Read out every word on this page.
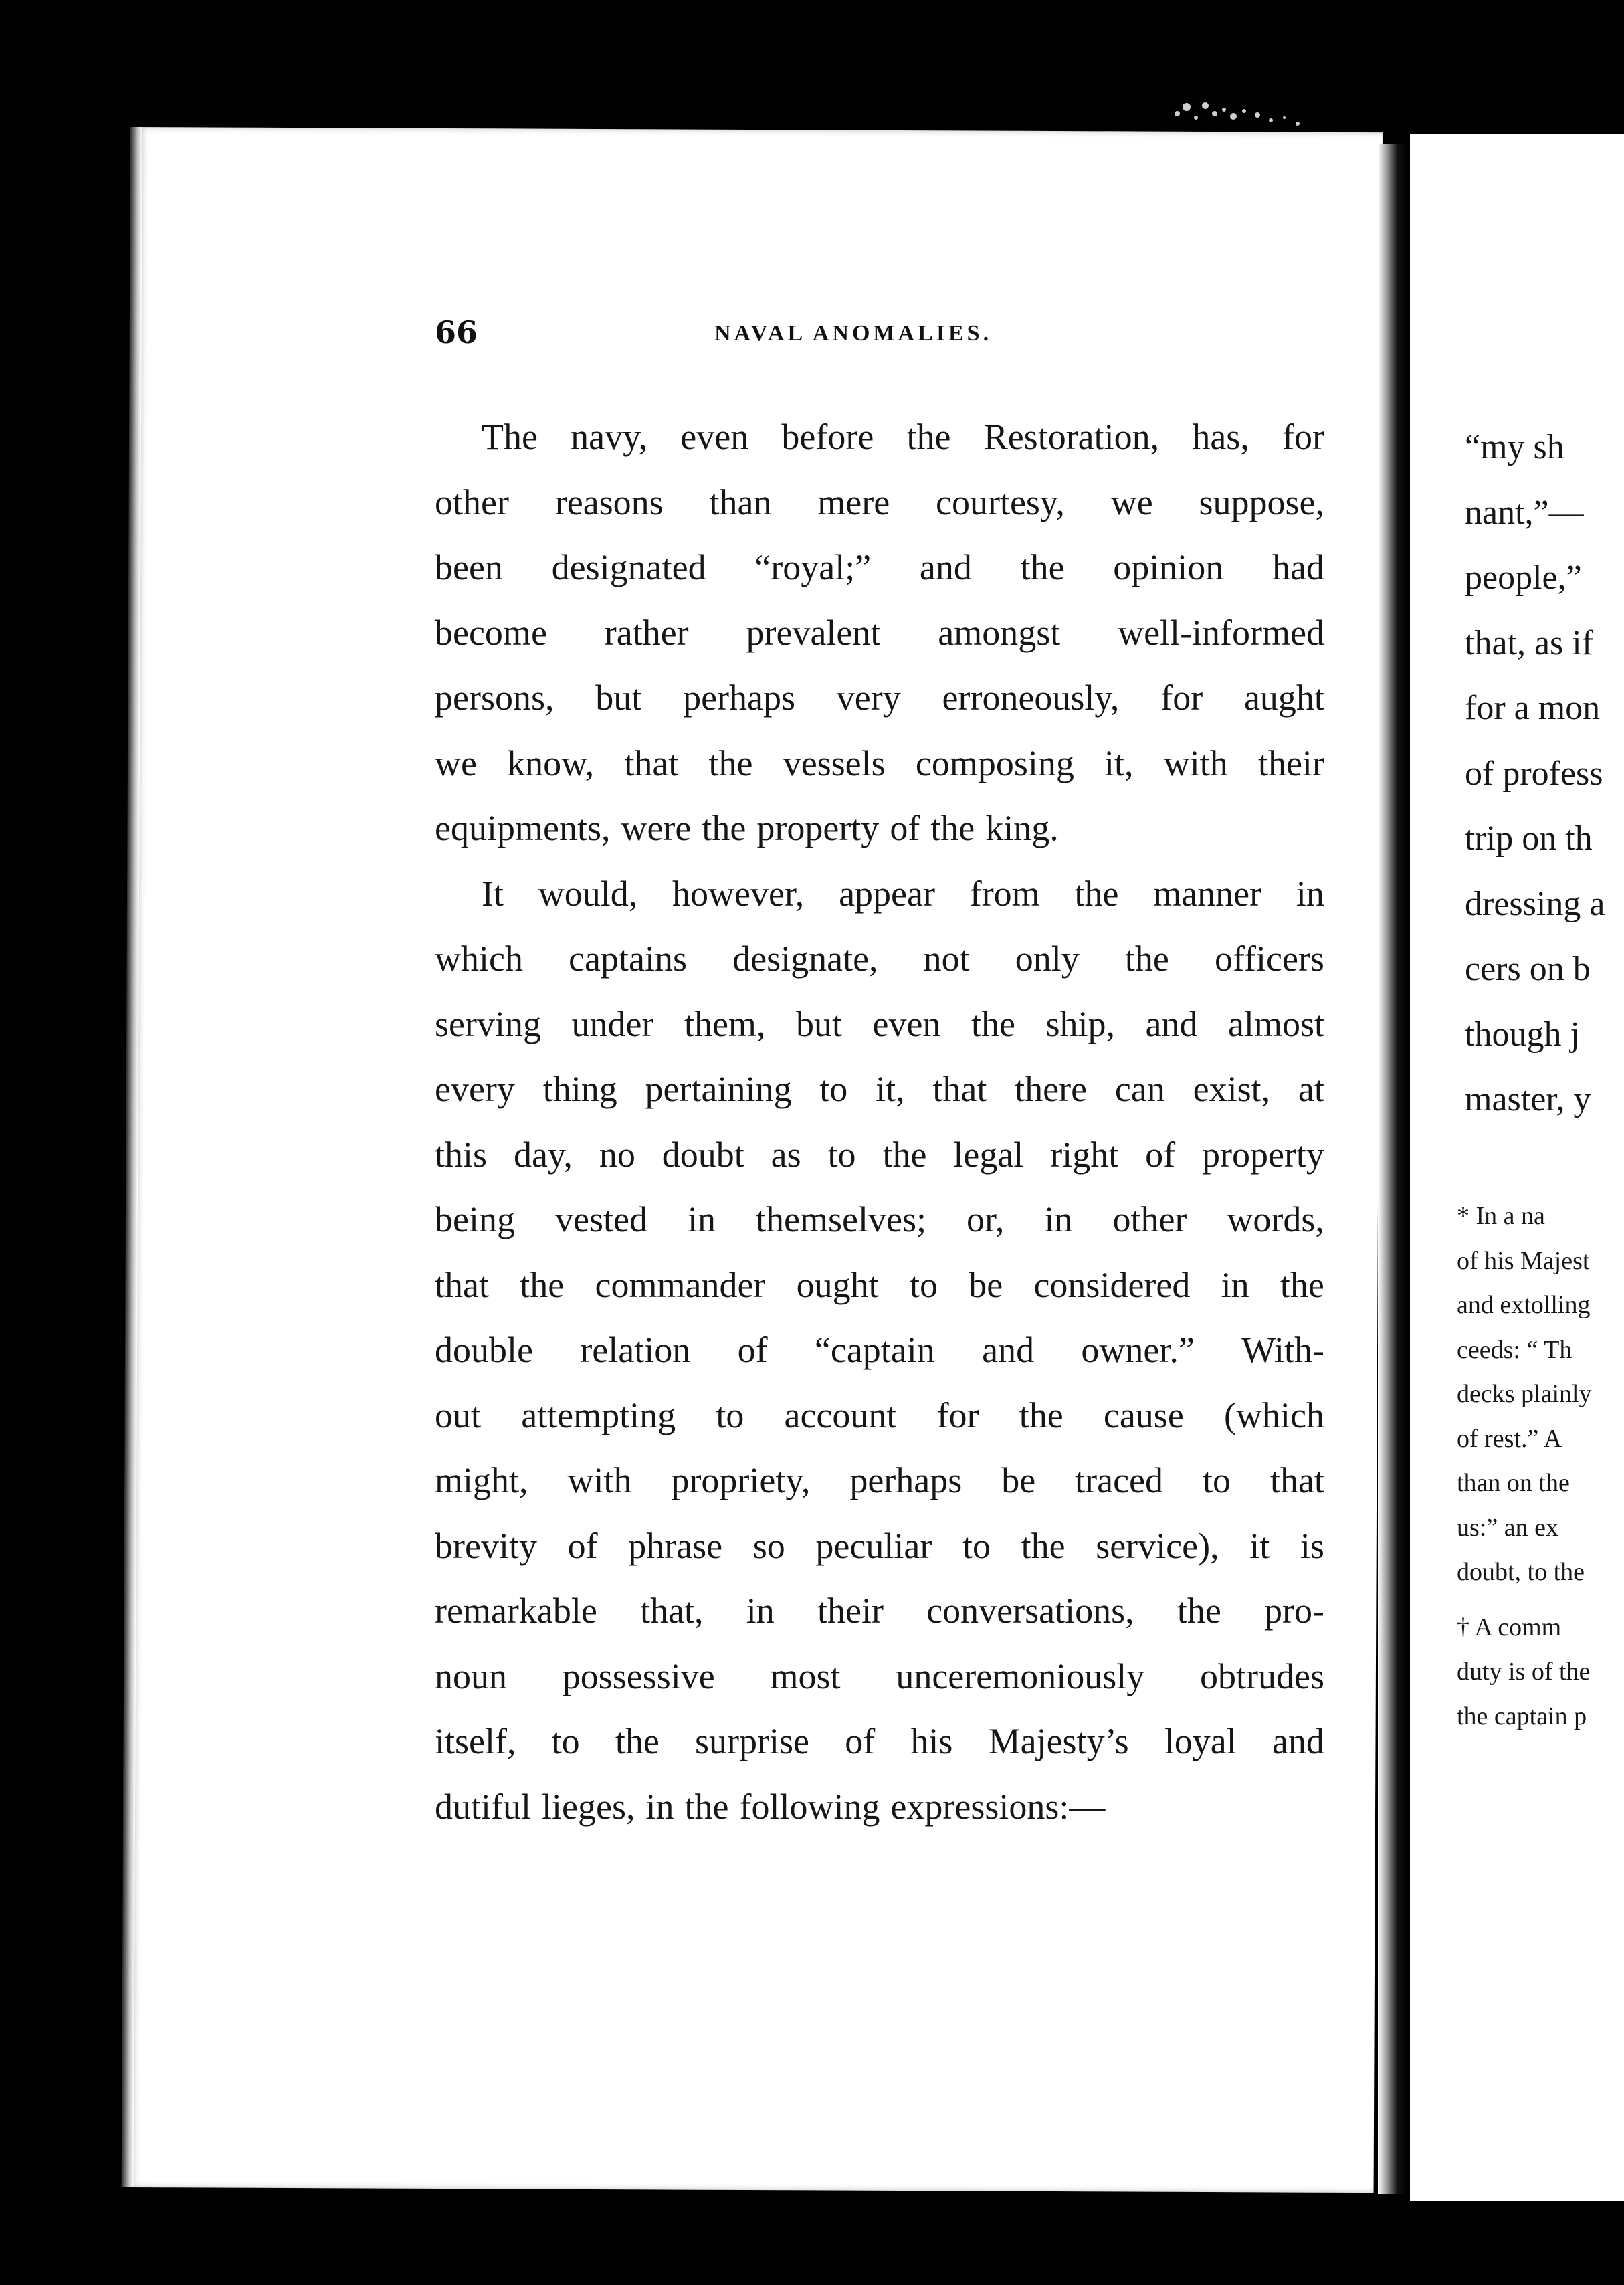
66	NAVAL ANOMALIES.
The navy, even before the Restoration, has, for
other reasons than mere courtesy, we suppose,
been designated “royal;” and the opinion had
become rather prevalent amongst well-informed
persons, but perhaps very erroneously, for aught
we know, that the vessels composing it, with their
equipments, were the property of the king.
It would, however, appear from the manner in
which captains designate, not only the officers
serving under them, but even the ship, and almost
every thing pertaining to it, that there can exist, at
this day, no doubt as to the legal right of property
being vested in themselves; or, in other words,
that the commander ought to be considered in the
double relation of “captain and owner.” With-
out attempting to account for the cause (which
might, with propriety, perhaps be traced to that
brevity of phrase so peculiar to the service), it is
remarkable that, in their conversations, the pro-
noun possessive most unceremoniously obtrudes
itself, to the surprise of his Majesty’s loyal and
dutiful lieges, in the following expressions:—
“my sh
nant,”—
people,”
that, as if
for a mon
of profess
trip on th
dressing a
cers on b
though j
master, y
* In a na
of his Majest
and extolling
ceeds: “ Th
decks plainly
of rest.” A
than on the
us:” an ex
doubt, to the
† A comm
duty is of the
the captain p
